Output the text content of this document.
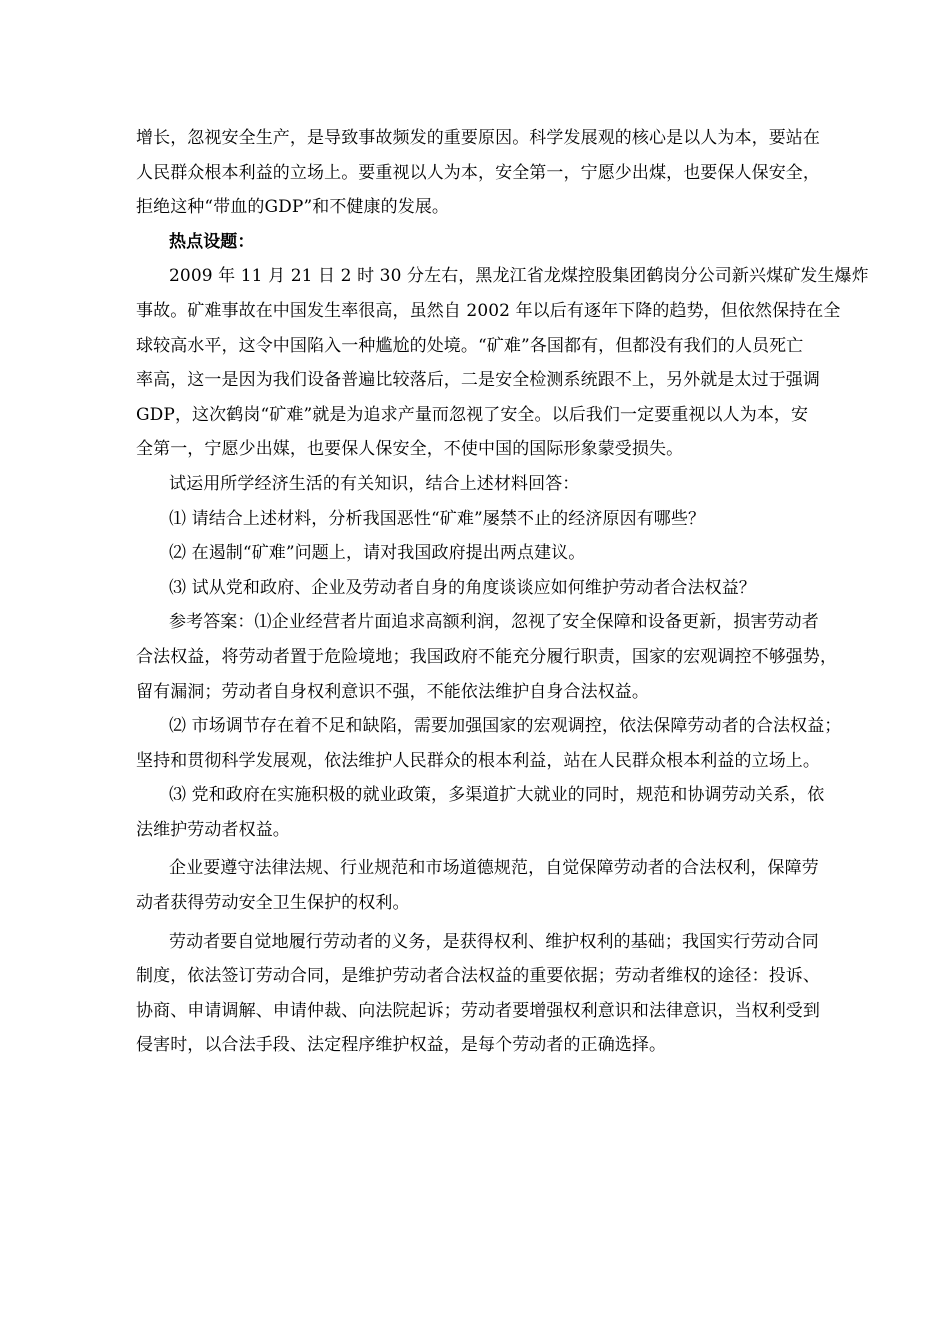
增长，忽视安全生产，是导致事故频发的重要原因。科学发展观的核心是以人为本，要站在
人民群众根本利益的立场上。要重视以人为本，安全第一，宁愿少出煤，也要保人保安全，
拒绝这种“带血的GDP”和不健康的发展。
热点设题：
2009 年 11 月 21 日 2 时 30 分左右，黑龙江省龙煤控股集团鹤岗分公司新兴煤矿发生爆炸
事故。矿难事故在中国发生率很高，虽然自 2002 年以后有逐年下降的趋势，但依然保持在全
球较高水平，这令中国陷入一种尴尬的处境。“矿难”各国都有，但都没有我们的人员死亡
率高，这一是因为我们设备普遍比较落后，二是安全检测系统跟不上，另外就是太过于强调
GDP，这次鹤岗“矿难”就是为追求产量而忽视了安全。以后我们一定要重视以人为本，安
全第一，宁愿少出媒，也要保人保安全，不使中国的国际形象蒙受损失。
试运用所学经济生活的有关知识，结合上述材料回答：
⑴ 请结合上述材料，分析我国恶性“矿难”屡禁不止的经济原因有哪些？
⑵ 在遏制“矿难”问题上，请对我国政府提出两点建议。
⑶ 试从党和政府、企业及劳动者自身的角度谈谈应如何维护劳动者合法权益？
参考答案：⑴企业经营者片面追求高额利润，忽视了安全保障和设备更新，损害劳动者
合法权益，将劳动者置于危险境地；我国政府不能充分履行职责，国家的宏观调控不够强势，
留有漏洞；劳动者自身权利意识不强，不能依法维护自身合法权益。
⑵ 市场调节存在着不足和缺陷，需要加强国家的宏观调控，依法保障劳动者的合法权益；
坚持和贯彻科学发展观，依法维护人民群众的根本利益，站在人民群众根本利益的立场上。
⑶ 党和政府在实施积极的就业政策，多渠道扩大就业的同时，规范和协调劳动关系，依
法维护劳动者权益。
企业要遵守法律法规、行业规范和市场道德规范，自觉保障劳动者的合法权利，保障劳
动者获得劳动安全卫生保护的权利。
劳动者要自觉地履行劳动者的义务，是获得权利、维护权利的基础；我国实行劳动合同
制度，依法签订劳动合同，是维护劳动者合法权益的重要依据；劳动者维权的途径：投诉、
协商、申请调解、申请仲裁、向法院起诉；劳动者要增强权利意识和法律意识，当权利受到
侵害时，以合法手段、法定程序维护权益，是每个劳动者的正确选择。
